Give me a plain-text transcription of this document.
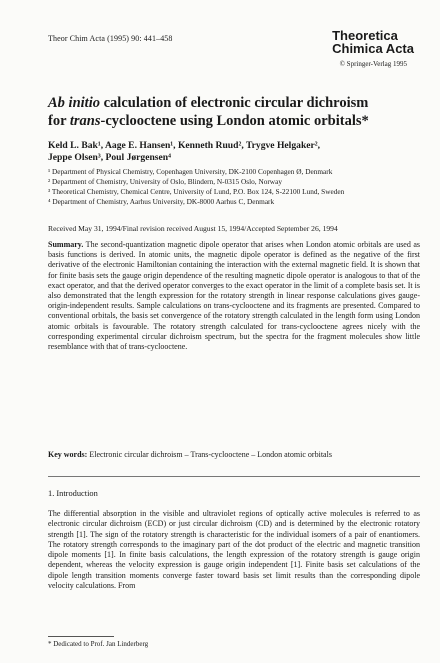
Theor Chim Acta (1995) 90: 441–458	Theoretica
Chimica Acta
© Springer-Verlag 1995
Ab initio calculation of electronic circular dichroism
for trans-cyclooctene using London atomic orbitals*
Keld L. Bak¹, Aage E. Hansen¹, Kenneth Ruud², Trygve Helgaker²,
Jeppe Olsen³, Poul Jørgensen⁴
¹ Department of Physical Chemistry, Copenhagen University, DK-2100 Copenhagen Ø, Denmark
² Department of Chemistry, University of Oslo, Blindern, N-0315 Oslo, Norway
³ Theoretical Chemistry, Chemical Centre, University of Lund, P.O. Box 124, S-22100 Lund, Sweden
⁴ Department of Chemistry, Aarhus University, DK-8000 Aarhus C, Denmark
Received May 31, 1994/Final revision received August 15, 1994/Accepted September 26, 1994
Summary. The second-quantization magnetic dipole operator that arises when London atomic orbitals are used as basis functions is derived. In atomic units, the magnetic dipole operator is defined as the negative of the first derivative of the electronic Hamiltonian containing the interaction with the external magnetic field. It is shown that for finite basis sets the gauge origin dependence of the resulting magnetic dipole operator is analogous to that of the exact operator, and that the derived operator converges to the exact operator in the limit of a complete basis set. It is also demonstrated that the length expression for the rotatory strength in linear response calculations gives gauge-origin-independent results. Sample calculations on trans-cyclooctene and its fragments are presented. Compared to conventional orbitals, the basis set convergence of the rotatory strength calculated in the length form using London atomic orbitals is favourable. The rotatory strength calculated for trans-cyclooctene agrees nicely with the corresponding experimental circular dichroism spectrum, but the spectra for the fragment molecules show little resemblance with that of trans-cyclooctene.
Key words: Electronic circular dichroism – Trans-cyclooctene – London atomic orbitals
1. Introduction
The differential absorption in the visible and ultraviolet regions of optically active molecules is referred to as electronic circular dichroism (ECD) or just circular dichroism (CD) and is determined by the electronic rotatory strength [1]. The sign of the rotatory strength is characteristic for the individual isomers of a pair of enantiomers. The rotatory strength corresponds to the imaginary part of the dot product of the electric and magnetic transition dipole moments [1]. In finite basis calculations, the length expression of the rotatory strength is gauge origin dependent, whereas the velocity expression is gauge origin independent [1]. Finite basis set calculations of the dipole length transition moments converge faster toward basis set limit results than the corresponding dipole velocity calculations. From
* Dedicated to Prof. Jan Linderberg
